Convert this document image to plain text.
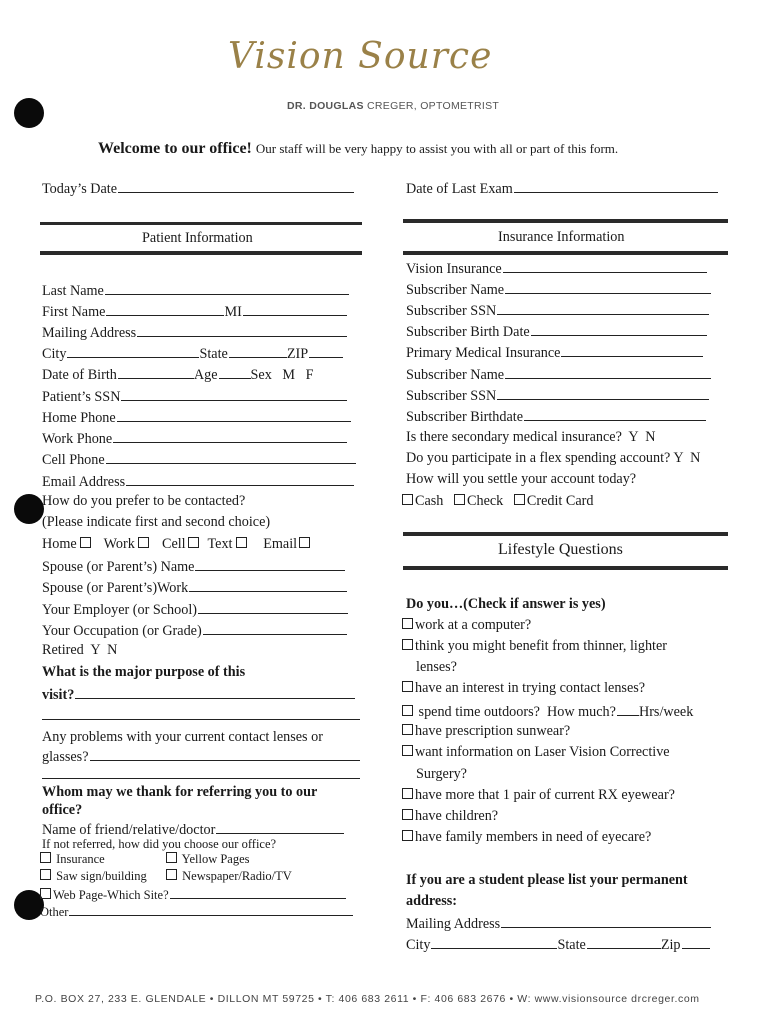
Vision Source
DR. DOUGLAS CREGER, OPTOMETRIST
Welcome to our office! Our staff will be very happy to assist you with all or part of this form.
Today’s Date	Date of Last Exam
Patient Information	Insurance Information
Last Name
First Name	MI
Mailing Address
City	State	ZIP
Date of Birth	Age Sex   M   F
Patient’s SSN
Home Phone
Work Phone
Cell Phone
Email Address
How do you prefer to be contacted?
(Please indicate first and second choice)
Home Work Cell Text Email
Spouse (or Parent’s) Name
Spouse (or Parent’s)Work
Your Employer (or School)
Your Occupation (or Grade)
Retired  Y  N
What is the major purpose of this
visit?
Any problems with your current contact lenses or
glasses?
Whom may we thank for referring you to our
office?
Name of friend/relative/doctor
If not referred, how did you choose our office?
Insurance	Yellow Pages
Saw sign/building	Newspaper/Radio/TV
Web Page-Which Site?
Other
Vision Insurance
Subscriber Name
Subscriber SSN
Subscriber Birth Date
Primary Medical Insurance
Subscriber Name
Subscriber SSN
Subscriber Birthdate
Is there secondary medical insurance?  Y  N
Do you participate in a flex spending account? Y  N
How will you settle your account today?
Cash Check Credit Card
Lifestyle Questions
Do you…(Check if answer is yes)
work at a computer?
think you might benefit from thinner, lighter
lenses?
have an interest in trying contact lenses?
spend time outdoors?  How much? Hrs/week
have prescription sunwear?
want information on Laser Vision Corrective
Surgery?
have more that 1 pair of current RX eyewear?
have children?
have family members in need of eyecare?
If you are a student please list your permanent
address:
Mailing Address
City	State	Zip
P.O. BOX 27, 233 E. GLENDALE • DILLON MT 59725 • T: 406 683 2611 • F: 406 683 2676 • W: www.visionsource drcreger.com
